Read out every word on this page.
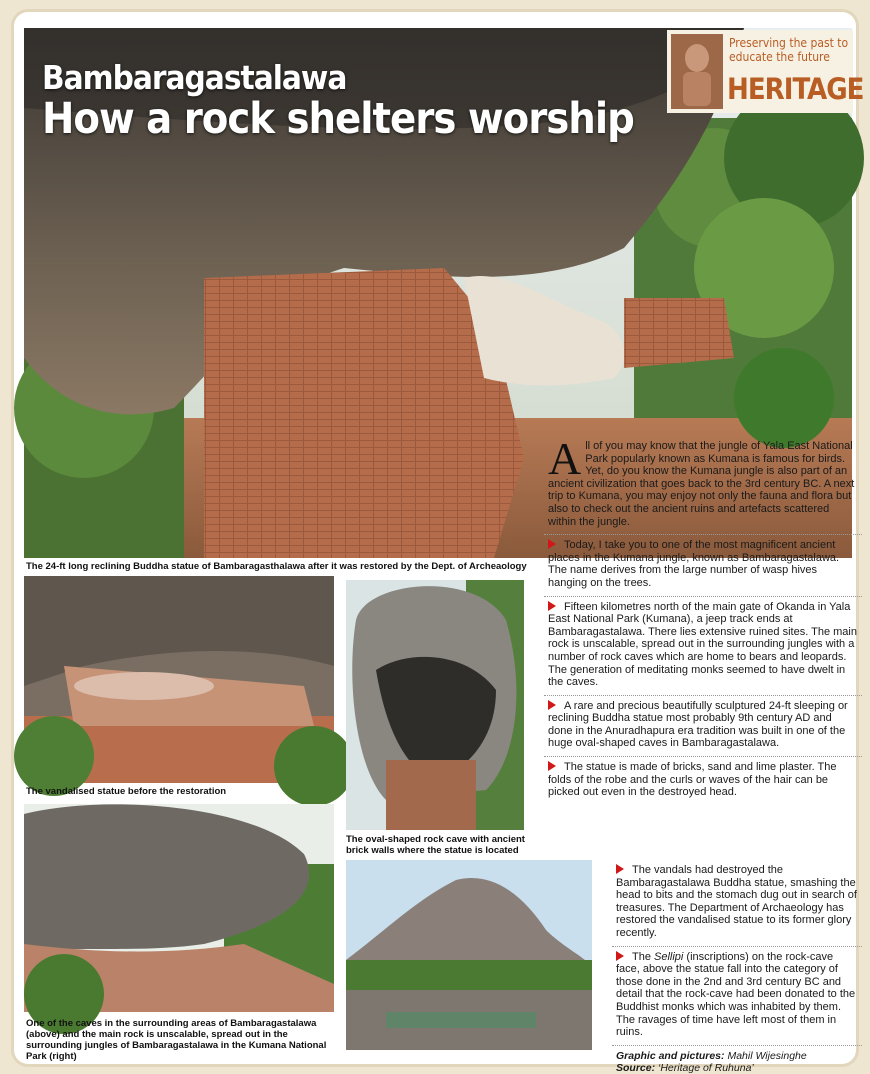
Bambaragastalawa
How a rock shelters worship
Preserving the past to
educate the future
HERITAGE
The 24-ft long reclining Buddha statue of Bambaragasthalawa after it was restored by the Dept. of Archeaology
The vandalised statue before the restoration
The oval-shaped rock cave with ancient brick walls where the statue is located
One of the caves in the surrounding areas of Bambaragastalawa (above) and the main rock is unscalable, spread out in the surrounding jungles of Bambaragastalawa in the Kumana National Park (right)
All of you may know that the jungle of Yala East National Park popularly known as Kumana is famous for birds. Yet, do you know the Kumana jungle is also part of an ancient civilization that goes back to the 3rd century BC. A next trip to Kumana, you may enjoy not only the fauna and flora but also to check out the ancient ruins and artefacts scattered within the jungle.
Today, I take you to one of the most magnificent ancient places in the Kumana jungle, known as Bambaragastalawa. The name derives from the large number of wasp hives hanging on the trees.
Fifteen kilometres north of the main gate of Okanda in Yala East National Park (Kumana), a jeep track ends at Bambaragastalawa. There lies extensive ruined sites. The main rock is unscalable, spread out in the surrounding jungles with a number of rock caves which are home to bears and leopards. The generation of meditating monks seemed to have dwelt in the caves.
A rare and precious beautifully sculptured 24-ft sleeping or reclining Buddha statue most probably 9th century AD and done in the Anuradhapura era tradition was built in one of the huge oval-shaped caves in Bambaragastalawa.
The statue is made of bricks, sand and lime plaster. The folds of the robe and the curls or waves of the hair can be picked out even in the destroyed head.
The vandals had destroyed the Bambaragastalawa Buddha statue, smashing the head to bits and the stomach dug out in search of treasures. The Department of Archaeology has restored the vandalised statue to its former glory recently.
The Sellipi (inscriptions) on the rock-cave face, above the statue fall into the category of those done in the 2nd and 3rd century BC and detail that the rock-cave had been donated to the Buddhist monks which was inhabited by them. The ravages of time have left most of them in ruins.
Graphic and pictures: Mahil Wijesinghe
Source: ‘Heritage of Ruhuna’
